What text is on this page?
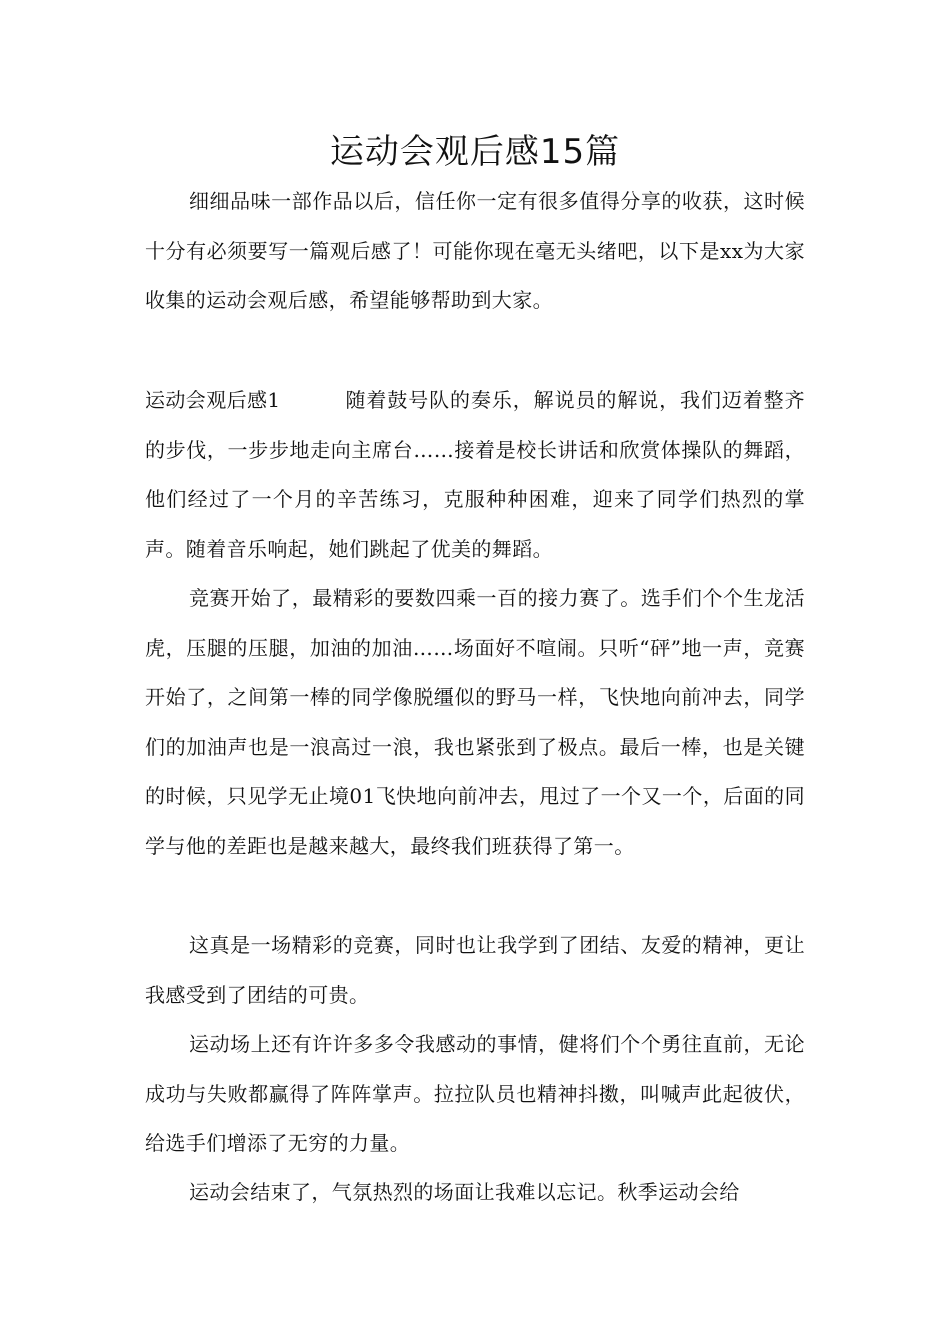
运动会观后感15篇

细细品味一部作品以后，信任你一定有很多值得分享的收获，这时候十分有必须要写一篇观后感了！可能你现在毫无头绪吧，以下是xx为大家收集的运动会观后感，希望能够帮助到大家。

运动会观后感1	随着鼓号队的奏乐，解说员的解说，我们迈着整齐的步伐，一步步地走向主席台……接着是校长讲话和欣赏体操队的舞蹈，他们经过了一个月的辛苦练习，克服种种困难，迎来了同学们热烈的掌声。随着音乐响起，她们跳起了优美的舞蹈。

竞赛开始了，最精彩的要数四乘一百的接力赛了。选手们个个生龙活虎，压腿的压腿，加油的加油……场面好不喧闹。只听“砰”地一声，竞赛开始了，之间第一棒的同学像脱缰似的野马一样，飞快地向前冲去，同学们的加油声也是一浪高过一浪，我也紧张到了极点。最后一棒，也是关键的时候，只见学无止境01飞快地向前冲去，甩过了一个又一个，后面的同学与他的差距也是越来越大，最终我们班获得了第一。

这真是一场精彩的竞赛，同时也让我学到了团结、友爱的精神，更让我感受到了团结的可贵。

运动场上还有许许多多令我感动的事情，健将们个个勇往直前，无论成功与失败都赢得了阵阵掌声。拉拉队员也精神抖擞，叫喊声此起彼伏，给选手们增添了无穷的力量。

运动会结束了，气氛热烈的场面让我难以忘记。秋季运动会给
